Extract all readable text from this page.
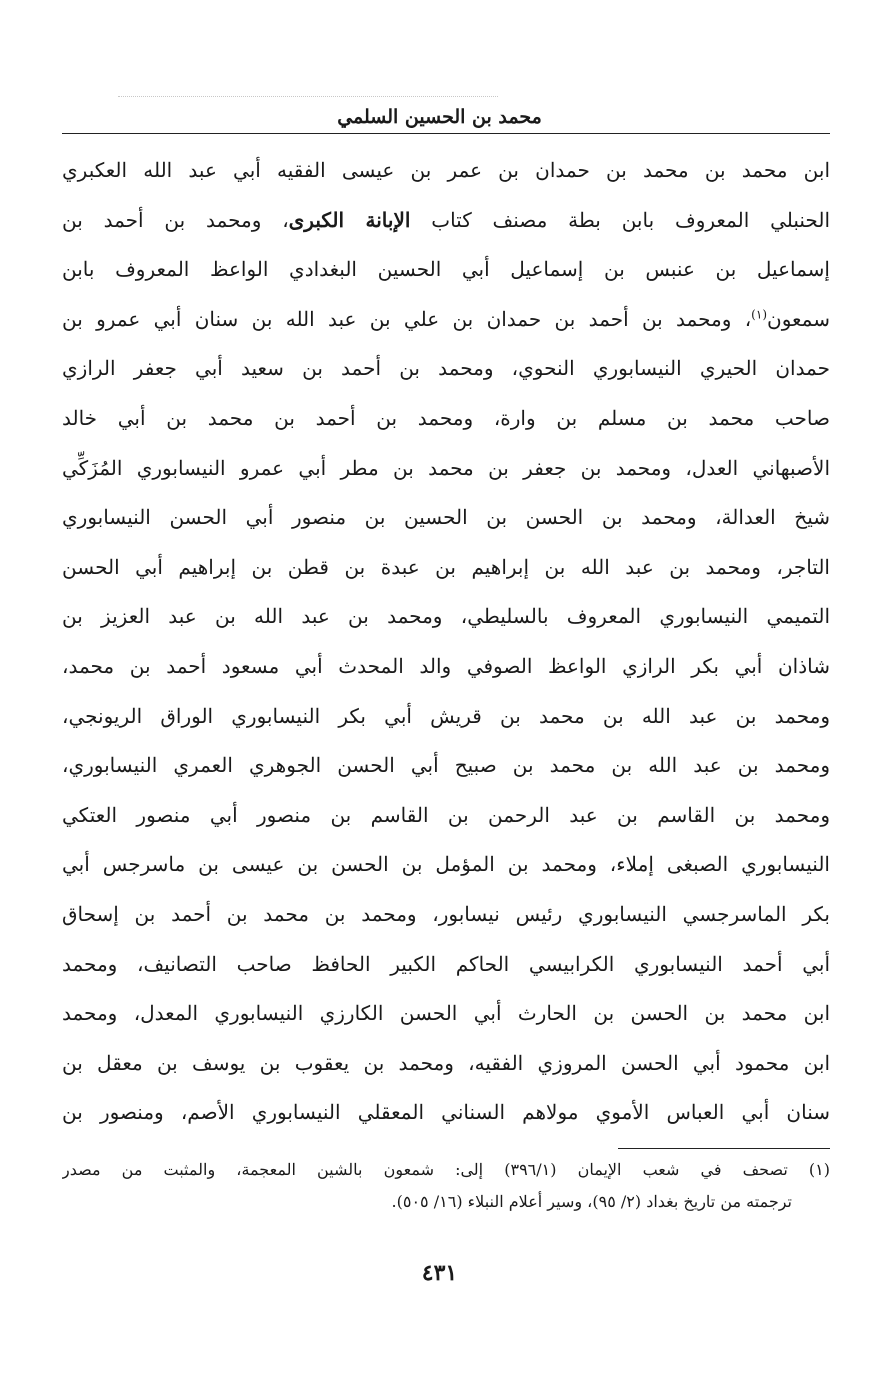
محمد بن الحسين السلمي
ابن محمد بن محمد بن حمدان بن عمر بن عيسى الفقيه أبي عبد الله العكبري
الحنبلي المعروف بابن بطة مصنف كتاب الإبانة الكبرى، ومحمد بن أحمد بن
إسماعيل بن عنبس بن إسماعيل أبي الحسين البغدادي الواعظ المعروف بابن
سمعون$^{(١)}$، ومحمد بن أحمد بن حمدان بن علي بن عبد الله بن سنان أبي عمرو بن
حمدان الحيري النيسابوري النحوي، ومحمد بن أحمد بن سعيد أبي جعفر الرازي
صاحب محمد بن مسلم بن وارة، ومحمد بن أحمد بن محمد بن أبي خالد
الأصبهاني العدل، ومحمد بن جعفر بن محمد بن مطر أبي عمرو النيسابوري المُزَكِّي
شيخ العدالة، ومحمد بن الحسن بن الحسين بن منصور أبي الحسن النيسابوري
التاجر، ومحمد بن عبد الله بن إبراهيم بن عبدة بن قطن بن إبراهيم أبي الحسن
التميمي النيسابوري المعروف بالسليطي، ومحمد بن عبد الله بن عبد العزيز بن
شاذان أبي بكر الرازي الواعظ الصوفي والد المحدث أبي مسعود أحمد بن محمد،
ومحمد بن عبد الله بن محمد بن قريش أبي بكر النيسابوري الوراق الريونجي،
ومحمد بن عبد الله بن محمد بن صبيح أبي الحسن الجوهري العمري النيسابوري،
ومحمد بن القاسم بن عبد الرحمن بن القاسم بن منصور أبي منصور العتكي
النيسابوري الصبغى إملاء، ومحمد بن المؤمل بن الحسن بن عيسى بن ماسرجس أبي
بكر الماسرجسي النيسابوري رئيس نيسابور، ومحمد بن محمد بن أحمد بن إسحاق
أبي أحمد النيسابوري الكرابيسي الحاكم الكبير الحافظ صاحب التصانيف، ومحمد
ابن محمد بن الحسن بن الحارث أبي الحسن الكارزي النيسابوري المعدل، ومحمد
ابن محمود أبي الحسن المروزي الفقيه، ومحمد بن يعقوب بن يوسف بن معقل بن
سنان أبي العباس الأموي مولاهم السناني المعقلي النيسابوري الأصم، ومنصور بن
(١) تصحف في شعب الإيمان (٣٩٦/١) إلى: شمعون بالشين المعجمة، والمثبت من مصدر
ترجمته من تاريخ بغداد (٢/ ٩٥)، وسير أعلام النبلاء (١٦/ ٥٠٥).
٤٣١
